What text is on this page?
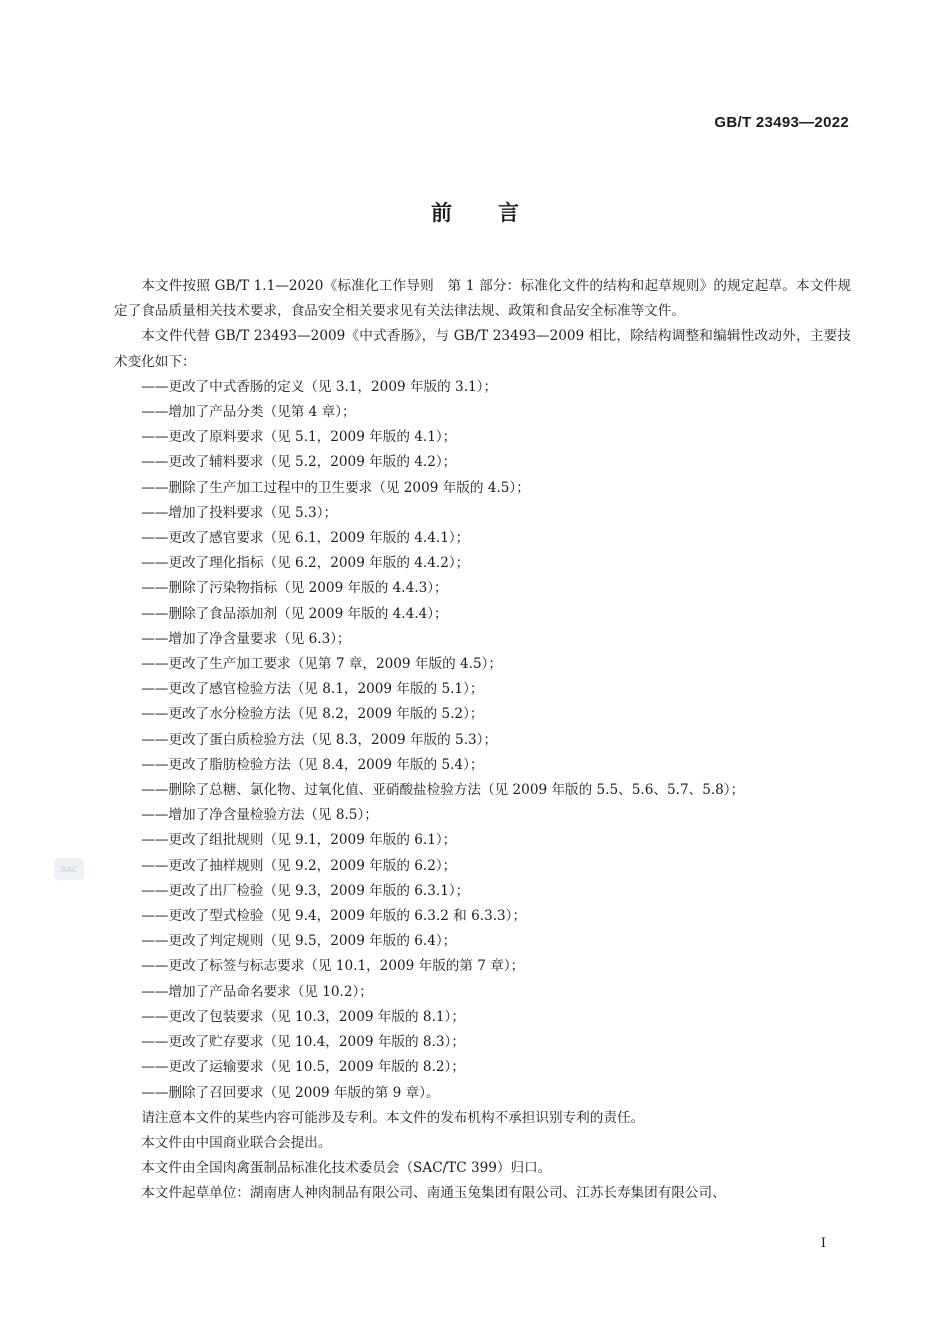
GB/T 23493—2022
前言

本文件按照 GB/T 1.1—2020《标准化工作导则　第 1 部分：标准化文件的结构和起草规则》的规定起草。本文件规定了食品质量相关技术要求，食品安全相关要求见有关法律法规、政策和食品安全标准等文件。

本文件代替 GB/T 23493—2009《中式香肠》，与 GB/T 23493—2009 相比，除结构调整和编辑性改动外，主要技术变化如下：

——更改了中式香肠的定义（见 3.1，2009 年版的 3.1）；

——增加了产品分类（见第 4 章）；

——更改了原料要求（见 5.1，2009 年版的 4.1）；

——更改了辅料要求（见 5.2，2009 年版的 4.2）；

——删除了生产加工过程中的卫生要求（见 2009 年版的 4.5）；

——增加了投料要求（见 5.3）；

——更改了感官要求（见 6.1，2009 年版的 4.4.1）；

——更改了理化指标（见 6.2，2009 年版的 4.4.2）；

——删除了污染物指标（见 2009 年版的 4.4.3）；

——删除了食品添加剂（见 2009 年版的 4.4.4）；

——增加了净含量要求（见 6.3）；

——更改了生产加工要求（见第 7 章，2009 年版的 4.5）；

——更改了感官检验方法（见 8.1，2009 年版的 5.1）；

——更改了水分检验方法（见 8.2，2009 年版的 5.2）；

——更改了蛋白质检验方法（见 8.3，2009 年版的 5.3）；

——更改了脂肪检验方法（见 8.4，2009 年版的 5.4）；

——删除了总糖、氯化物、过氧化值、亚硝酸盐检验方法（见 2009 年版的 5.5、5.6、5.7、5.8）；

——增加了净含量检验方法（见 8.5）；

——更改了组批规则（见 9.1，2009 年版的 6.1）；

——更改了抽样规则（见 9.2，2009 年版的 6.2）；

——更改了出厂检验（见 9.3，2009 年版的 6.3.1）；

——更改了型式检验（见 9.4，2009 年版的 6.3.2 和 6.3.3）；

——更改了判定规则（见 9.5，2009 年版的 6.4）；

——更改了标签与标志要求（见 10.1，2009 年版的第 7 章）；

——增加了产品命名要求（见 10.2）；

——更改了包装要求（见 10.3，2009 年版的 8.1）；

——更改了贮存要求（见 10.4，2009 年版的 8.3）；

——更改了运输要求（见 10.5，2009 年版的 8.2）；

——删除了召回要求（见 2009 年版的第 9 章）。

请注意本文件的某些内容可能涉及专利。本文件的发布机构不承担识别专利的责任。

本文件由中国商业联合会提出。

本文件由全国肉禽蛋制品标准化技术委员会（SAC/TC 399）归口。

本文件起草单位：湖南唐人神肉制品有限公司、南通玉兔集团有限公司、江苏长寿集团有限公司、

SAC
Ⅰ
